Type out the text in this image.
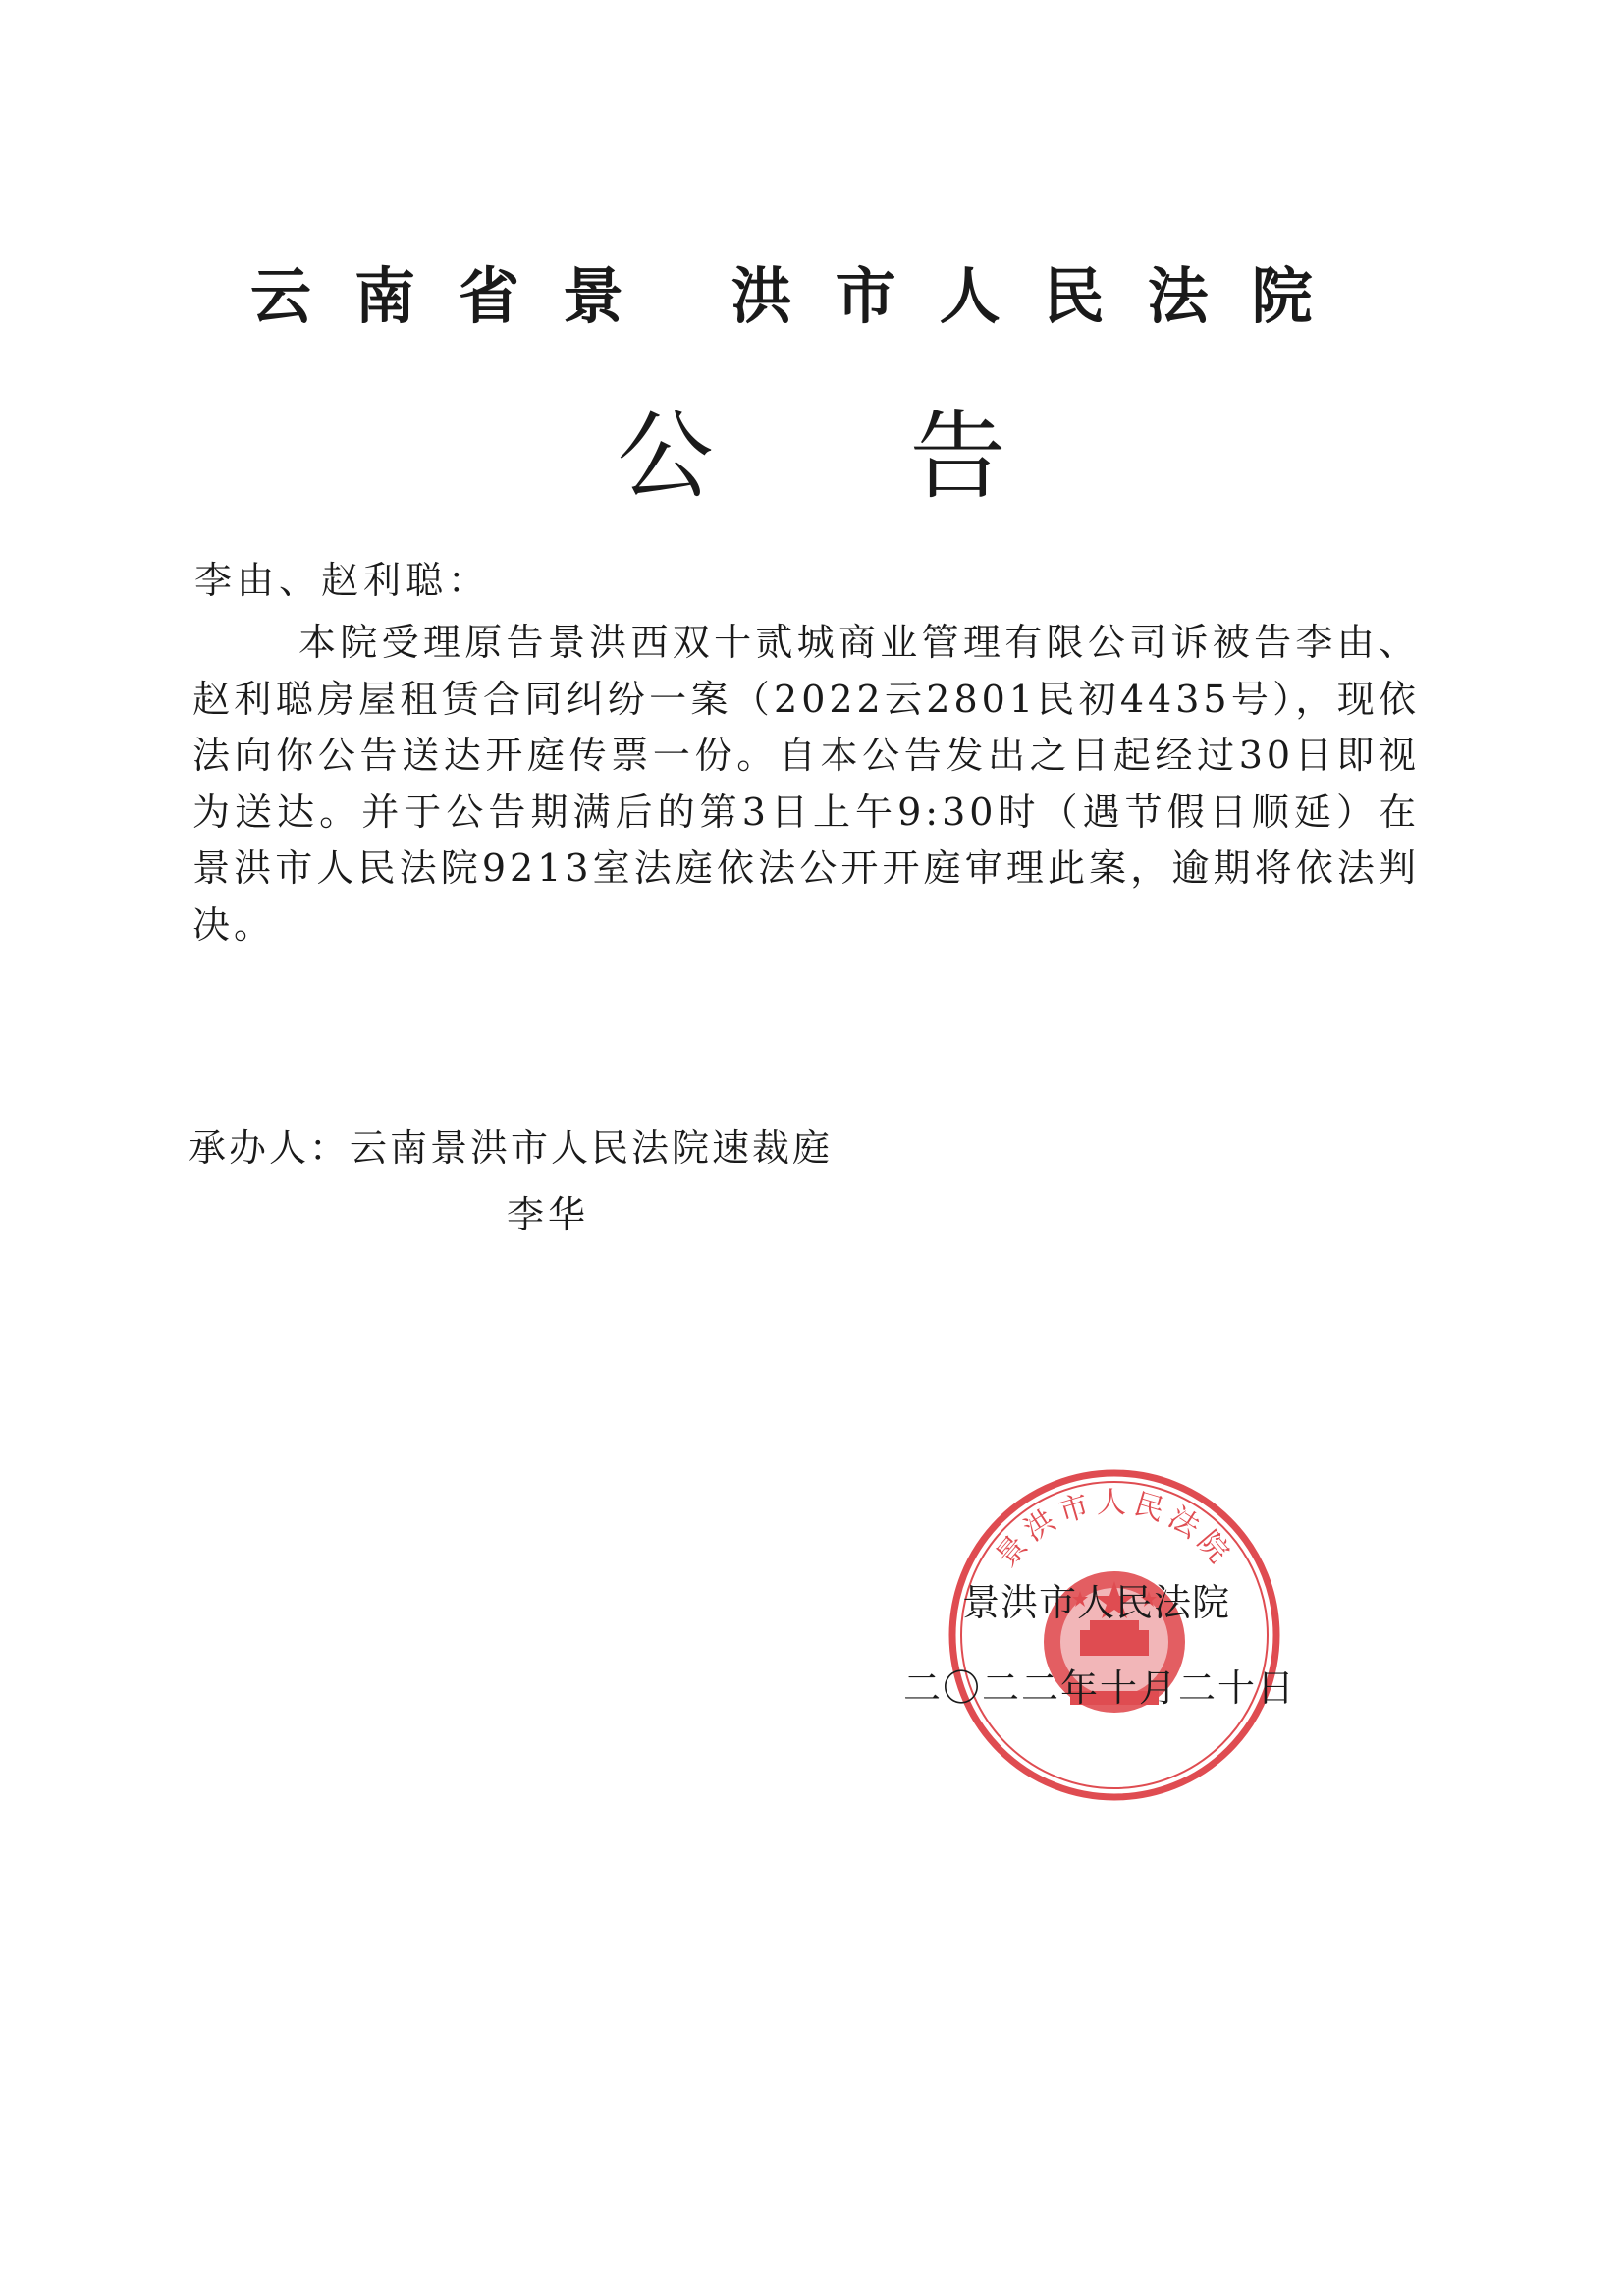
云南省景 洪市人民法院
公告
李由、赵利聪：
本院受理原告景洪西双十贰城商业管理有限公司诉被告李由、赵利聪房屋租赁合同纠纷一案（2022云2801民初4435号），现依法向你公告送达开庭传票一份。自本公告发出之日起经过30日即视为送达。并于公告期满后的第3日上午9:30时（遇节假日顺延）在景洪市人民法院9213室法庭依法公开开庭审理此案，逾期将依法判决。
承办人：云南景洪市人民法院速裁庭
李华
景洪市人民法院
景洪市人民法院
二〇二二年十月二十日
